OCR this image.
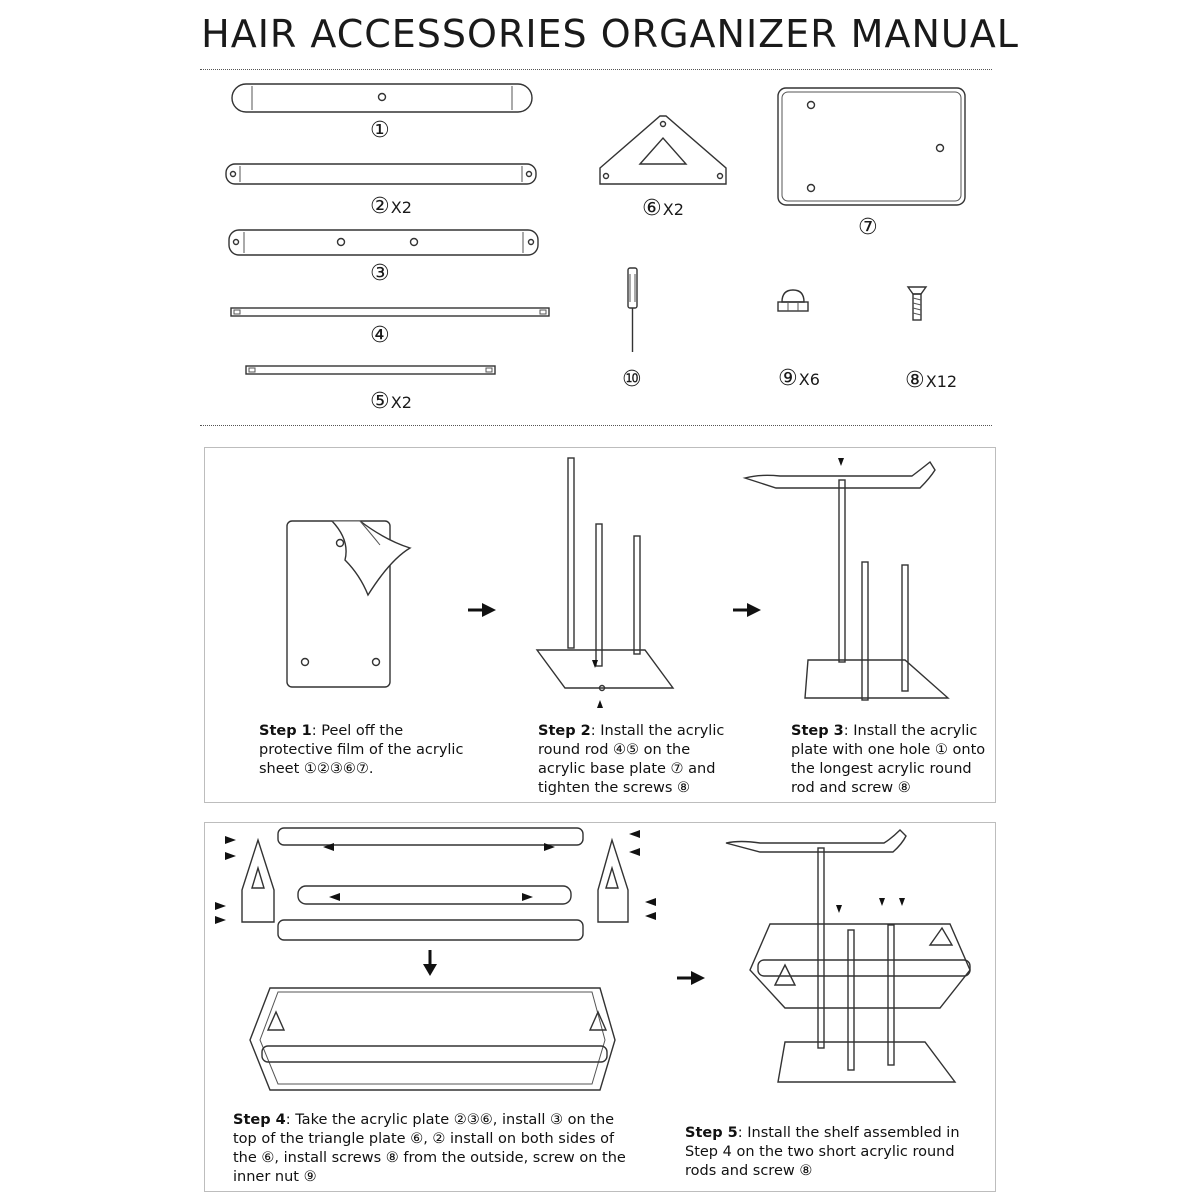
HAIR ACCESSORIES ORGANIZER MANUAL
①
②X2
③
④
⑤X2
⑥X2
⑦
⑩	⑨X6	⑧X12
Step 1: Peel off the protective film of the acrylic sheet ①②③⑥⑦.
Step 2: Install the acrylic round rod ④⑤ on the acrylic base plate ⑦ and tighten the screws ⑧
Step 3: Install the acrylic plate with one hole ① onto the longest acrylic round rod and screw ⑧
Step 4: Take the acrylic plate ②③⑥, install ③ on the top of the triangle plate ⑥, ② install on both sides of the ⑥, install screws ⑧ from the outside, screw on the inner nut ⑨
Step 5: Install the shelf assembled in Step 4 on the two short acrylic round rods and screw ⑧
